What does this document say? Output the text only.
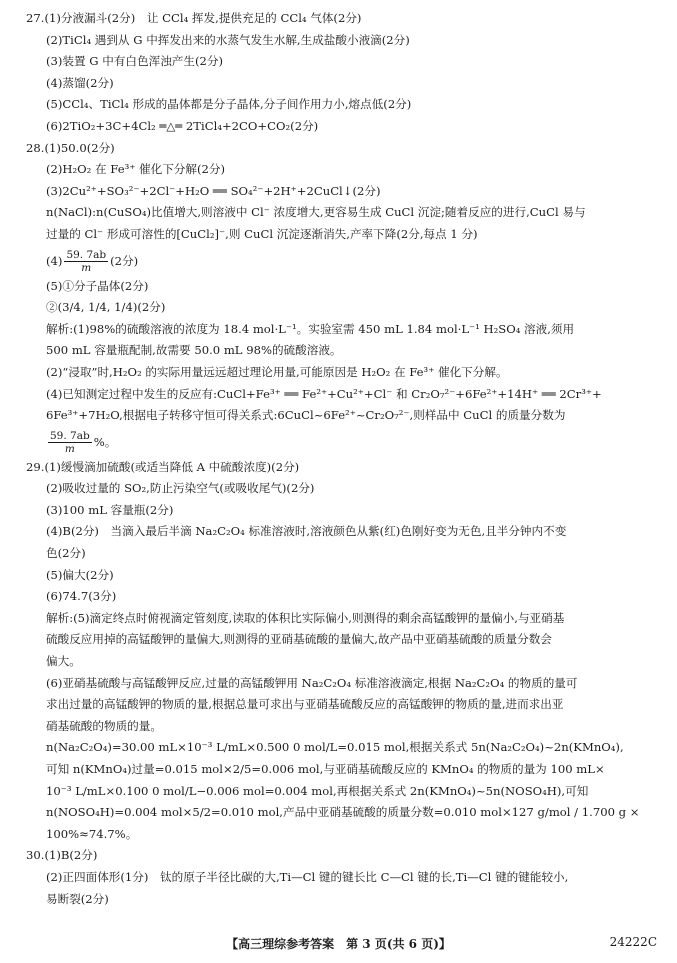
27.(1)分液漏斗(2分)　让 CCl₄ 挥发,提供充足的 CCl₄ 气体(2分)
(2)TiCl₄ 遇到从 G 中挥发出来的水蒸气发生水解,生成盐酸小液滴(2分)
(3)装置 G 中有白色浑浊产生(2分)
(4)蒸馏(2分)
(5)CCl₄、TiCl₄ 形成的晶体都是分子晶体,分子间作用力小,熔点低(2分)
(6)2TiO₂+3C+4Cl₂ ═△═ 2TiCl₄+2CO+CO₂(2分)
28.(1)50.0(2分)
(2)H₂O₂ 在 Fe³⁺ 催化下分解(2分)
(3)2Cu²⁺+SO₃²⁻+2Cl⁻+H₂O ══ SO₄²⁻+2H⁺+2CuCl↓(2分)
n(NaCl):n(CuSO₄)比值增大,则溶液中 Cl⁻ 浓度增大,更容易生成 CuCl 沉淀;随着反应的进行,CuCl 易与
过量的 Cl⁻ 形成可溶性的[CuCl₂]⁻,则 CuCl 沉淀逐渐消失,产率下降(2分,每点 1 分)
$(4) \frac{59. 7ab}{m} (2$分)
(5)①分子晶体(2分)
②(3/4, 1/4, 1/4)(2分)
解析:(1)98%的硫酸溶液的浓度为 18.4 mol·L⁻¹。实验室需 450 mL 1.84 mol·L⁻¹ H₂SO₄ 溶液,须用
500 mL 容量瓶配制,故需要 50.0 mL 98%的硫酸溶液。
(2)“浸取”时,H₂O₂ 的实际用量远远超过理论用量,可能原因是 H₂O₂ 在 Fe³⁺ 催化下分解。
(4)已知测定过程中发生的反应有:CuCl+Fe³⁺ ══ Fe²⁺+Cu²⁺+Cl⁻ 和 Cr₂O₇²⁻+6Fe²⁺+14H⁺ ══ 2Cr³⁺+
6Fe³⁺+7H₂O,根据电子转移守恒可得关系式:6CuCl~6Fe²⁺~Cr₂O₇²⁻,则样品中 CuCl 的质量分数为
$\frac{59. 7ab}{m}$ %。
29.(1)缓慢滴加硫酸(或适当降低 A 中硫酸浓度)(2分)
(2)吸收过量的 SO₂,防止污染空气(或吸收尾气)(2分)
(3)100 mL 容量瓶(2分)
(4)B(2分)　当滴入最后半滴 Na₂C₂O₄ 标准溶液时,溶液颜色从紫(红)色刚好变为无色,且半分钟内不变
色(2分)
(5)偏大(2分)
(6)74.7(3分)
解析:(5)滴定终点时俯视滴定管刻度,读取的体积比实际偏小,则测得的剩余高锰酸钾的量偏小,与亚硝基
硫酸反应用掉的高锰酸钾的量偏大,则测得的亚硝基硫酸的量偏大,故产品中亚硝基硫酸的质量分数会
偏大。
(6)亚硝基硫酸与高锰酸钾反应,过量的高锰酸钾用 Na₂C₂O₄ 标准溶液滴定,根据 Na₂C₂O₄ 的物质的量可
求出过量的高锰酸钾的物质的量,根据总量可求出与亚硝基硫酸反应的高锰酸钾的物质的量,进而求出亚
硝基硫酸的物质的量。
n(Na₂C₂O₄)=30.00 mL×10⁻³ L/mL×0.500 0 mol/L=0.015 mol,根据关系式 5n(Na₂C₂O₄)~2n(KMnO₄),
可知 n(KMnO₄)过量=0.015 mol×2/5=0.006 mol,与亚硝基硫酸反应的 KMnO₄ 的物质的量为 100 mL×
10⁻³ L/mL×0.100 0 mol/L−0.006 mol=0.004 mol,再根据关系式 2n(KMnO₄)~5n(NOSO₄H),可知
n(NOSO₄H)=0.004 mol×5/2=0.010 mol,产品中亚硝基硫酸的质量分数=0.010 mol×127 g/mol / 1.700 g ×
100%≈74.7%。
30.(1)B(2分)
(2)正四面体形(1分)　钛的原子半径比碳的大,Ti—Cl 键的键长比 C—Cl 键的长,Ti—Cl 键的键能较小,
易断裂(2分)
【高三理综参考答案　第 3 页(共 6 页)】	24222C
